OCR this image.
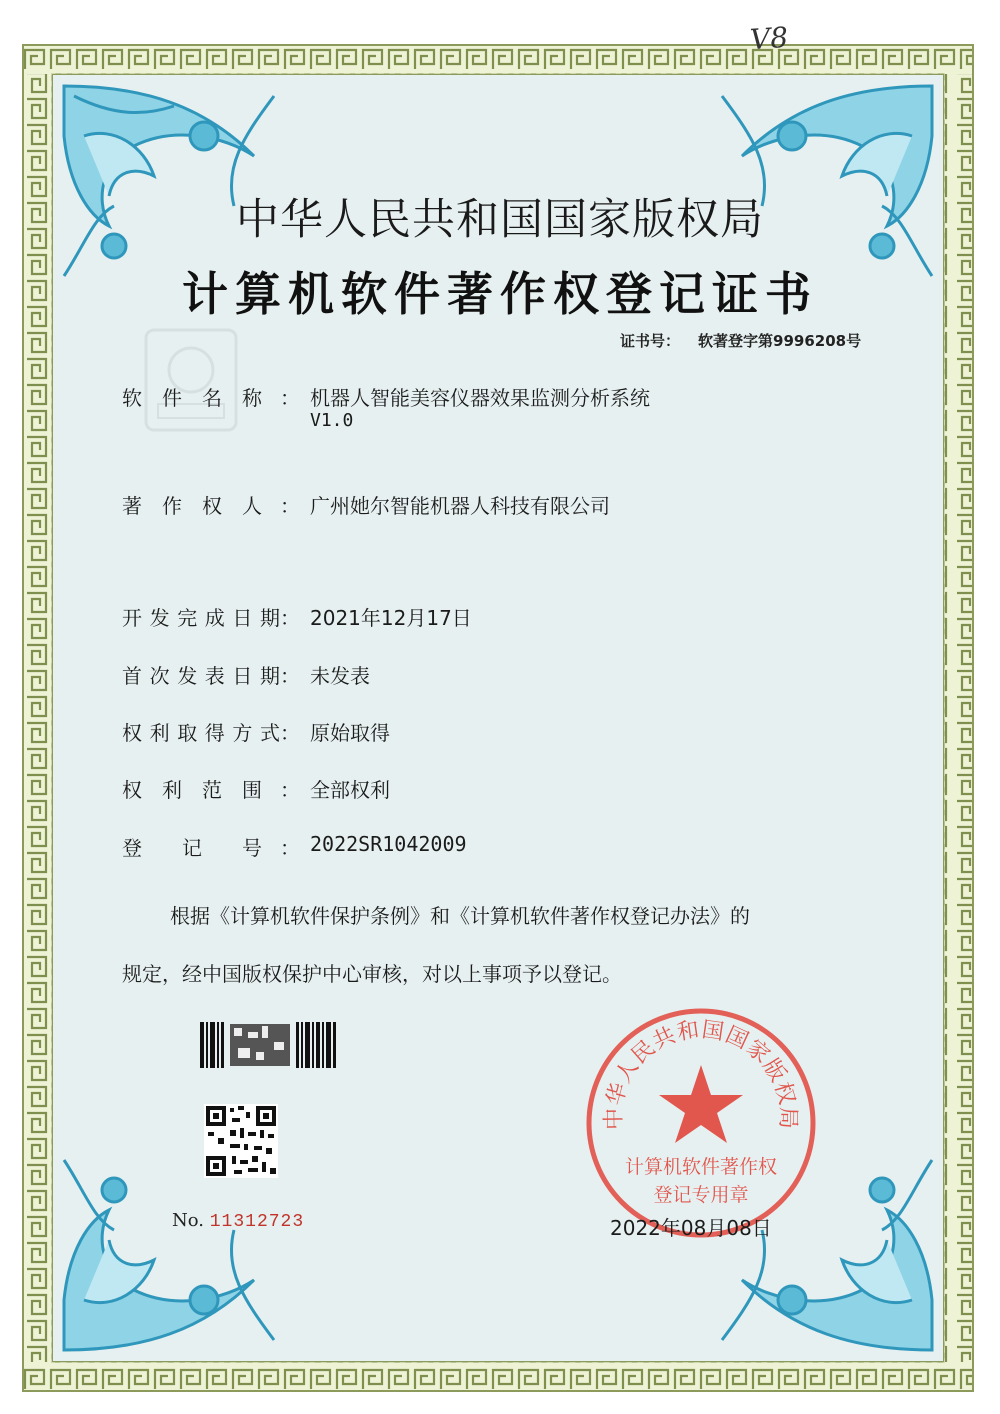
V8
中华人民共和国国家版权局
计算机软件著作权登记证书
证书号： 软著登字第9996208号
软 件 名 称 ： 机器人智能美容仪器效果监测分析系统
V1.0
著 作 权 人 ： 广州她尔智能机器人科技有限公司
开 发 完 成 日 期 ： 2021年12月17日
首 次 发 表 日 期 ： 未发表
权 利 取 得 方 式 ： 原始取得
权 利 范 围 ： 全部权利
登 记 号 ： 2022SR1042009
根据《计算机软件保护条例》和《计算机软件著作权登记办法》的
规定，经中国版权保护中心审核，对以上事项予以登记。
No. 11312723
中华人民共和国国家版权局
计算机软件著作权
登记专用章
2022年08月08日
